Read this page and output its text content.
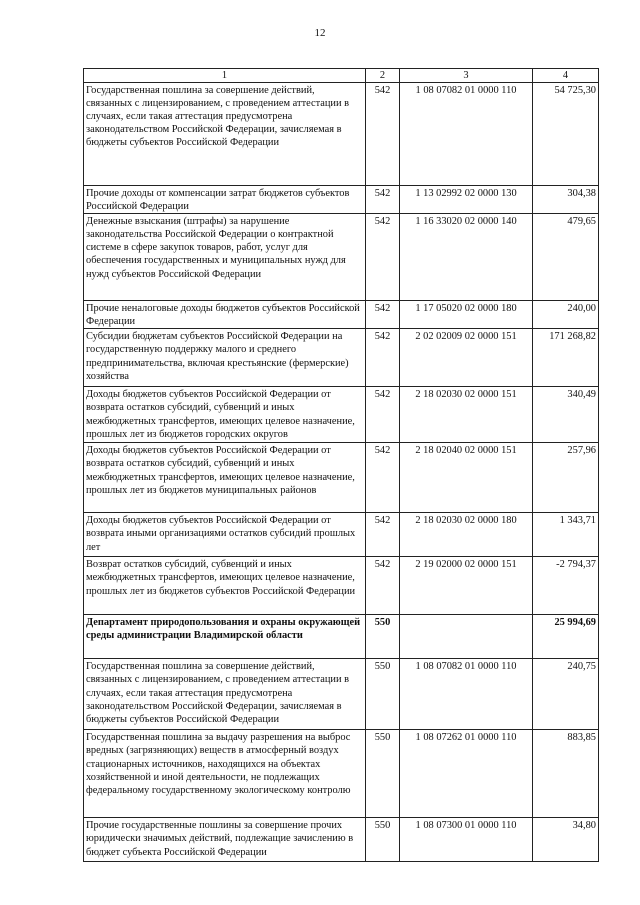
12
1	2	3	4
Государственная пошлина за совершение действий, связанных с лицензированием, с проведением аттестации в случаях, если такая аттестация предусмотрена законодательством Российской Федерации, зачисляемая в бюджеты субъектов Российской Федерации	542	1 08 07082 01 0000 110	54 725,30
Прочие доходы от компенсации затрат бюджетов субъектов Российской Федерации	542	1 13 02992 02 0000 130	304,38
Денежные взыскания (штрафы) за нарушение законодательства Российской Федерации о контрактной системе в сфере закупок товаров, работ, услуг для обеспечения государственных и муниципальных нужд для нужд субъектов Российской Федерации	542	1 16 33020 02 0000 140	479,65
Прочие неналоговые доходы бюджетов субъектов Российской Федерации	542	1 17 05020 02 0000 180	240,00
Субсидии бюджетам субъектов Российской Федерации на государственную поддержку малого и среднего предпринимательства, включая крестьянские (фермерские) хозяйства	542	2 02 02009 02 0000 151	171 268,82
Доходы бюджетов субъектов Российской Федерации от возврата остатков субсидий, субвенций и иных межбюджетных трансфертов, имеющих целевое назначение, прошлых лет из бюджетов городских округов	542	2 18 02030 02 0000 151	340,49
Доходы бюджетов субъектов Российской Федерации от возврата остатков субсидий, субвенций и иных межбюджетных трансфертов, имеющих целевое назначение, прошлых лет из бюджетов муниципальных районов	542	2 18 02040 02 0000 151	257,96
Доходы бюджетов субъектов Российской Федерации от возврата иными организациями остатков субсидий прошлых лет	542	2 18 02030 02 0000 180	1 343,71
Возврат остатков субсидий, субвенций и иных межбюджетных трансфертов, имеющих целевое назначение, прошлых лет из бюджетов субъектов Российской Федерации	542	2 19 02000 02 0000 151	-2 794,37
Департамент природопользования и охраны окружающей среды администрации Владимирской области	550		25 994,69
Государственная пошлина за совершение действий, связанных с лицензированием, с проведением аттестации в случаях, если такая аттестация предусмотрена законодательством Российской Федерации, зачисляемая в бюджеты субъектов Российской Федерации	550	1 08 07082 01 0000 110	240,75
Государственная пошлина за выдачу разрешения на выброс вредных (загрязняющих) веществ в атмосферный воздух стационарных источников, находящихся на объектах хозяйственной и иной деятельности, не подлежащих федеральному государственному экологическому контролю	550	1 08 07262 01 0000 110	883,85
Прочие государственные пошлины за совершение прочих юридически значимых действий, подлежащие зачислению в бюджет субъекта Российской Федерации	550	1 08 07300 01 0000 110	34,80
